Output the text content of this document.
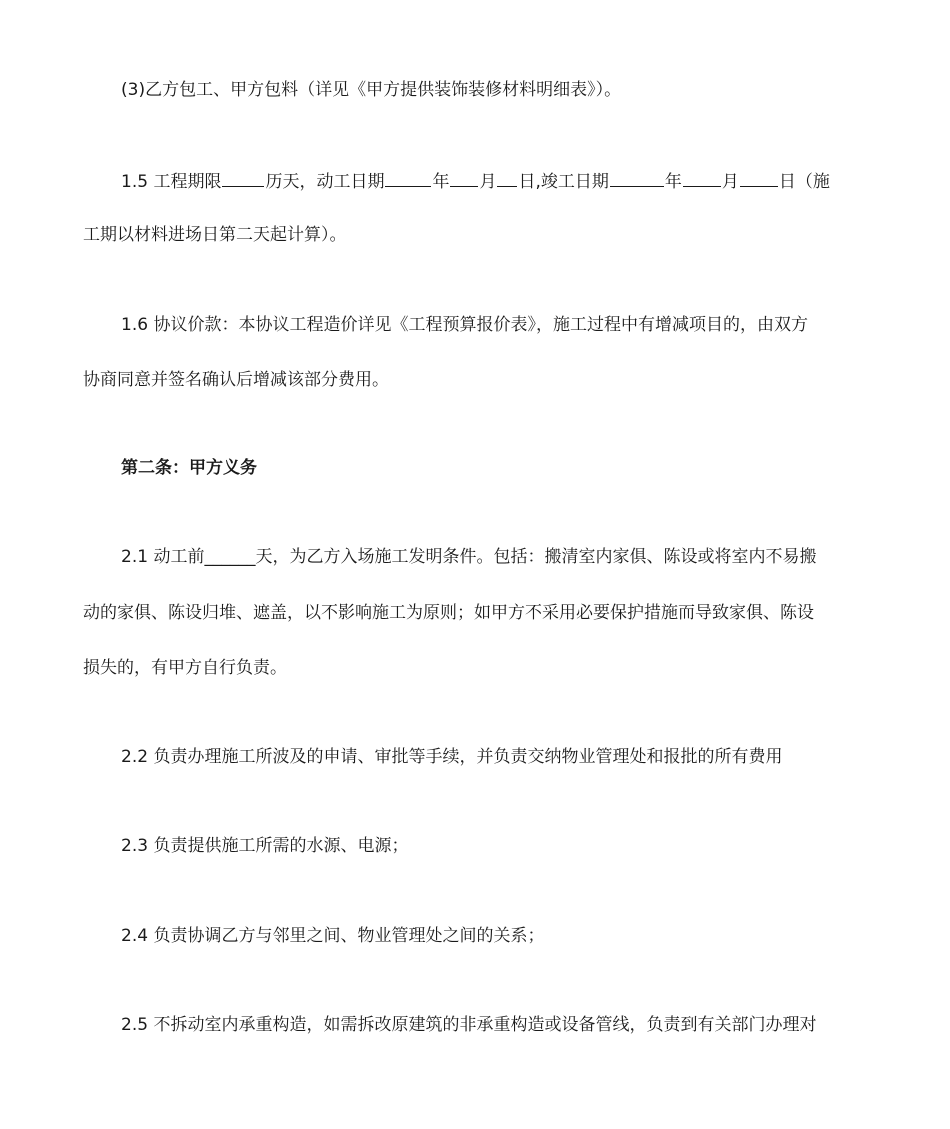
(3)乙方包工、甲方包料（详见《甲方提供装饰装修材料明细表》）。
1.5 工程期限	历天，动工日期	年 月 日,竣工日期	年 月 日（施
工期以材料进场日第二天起计算）。
1.6 协议价款：本协议工程造价详见《工程预算报价表》，施工过程中有增减项目的，由双方
协商同意并签名确认后增减该部分费用。
第二条：甲方义务
2.1 动工前______天，为乙方入场施工发明条件。包括：搬清室内家俱、陈设或将室内不易搬
动的家俱、陈设归堆、遮盖，以不影响施工为原则；如甲方不采用必要保护措施而导致家俱、陈设
损失的，有甲方自行负责。
2.2 负责办理施工所波及的申请、审批等手续，并负责交纳物业管理处和报批的所有费用
2.3 负责提供施工所需的水源、电源；
2.4 负责协调乙方与邻里之间、物业管理处之间的关系；
2.5 不拆动室内承重构造，如需拆改原建筑的非承重构造或设备管线，负责到有关部门办理对
